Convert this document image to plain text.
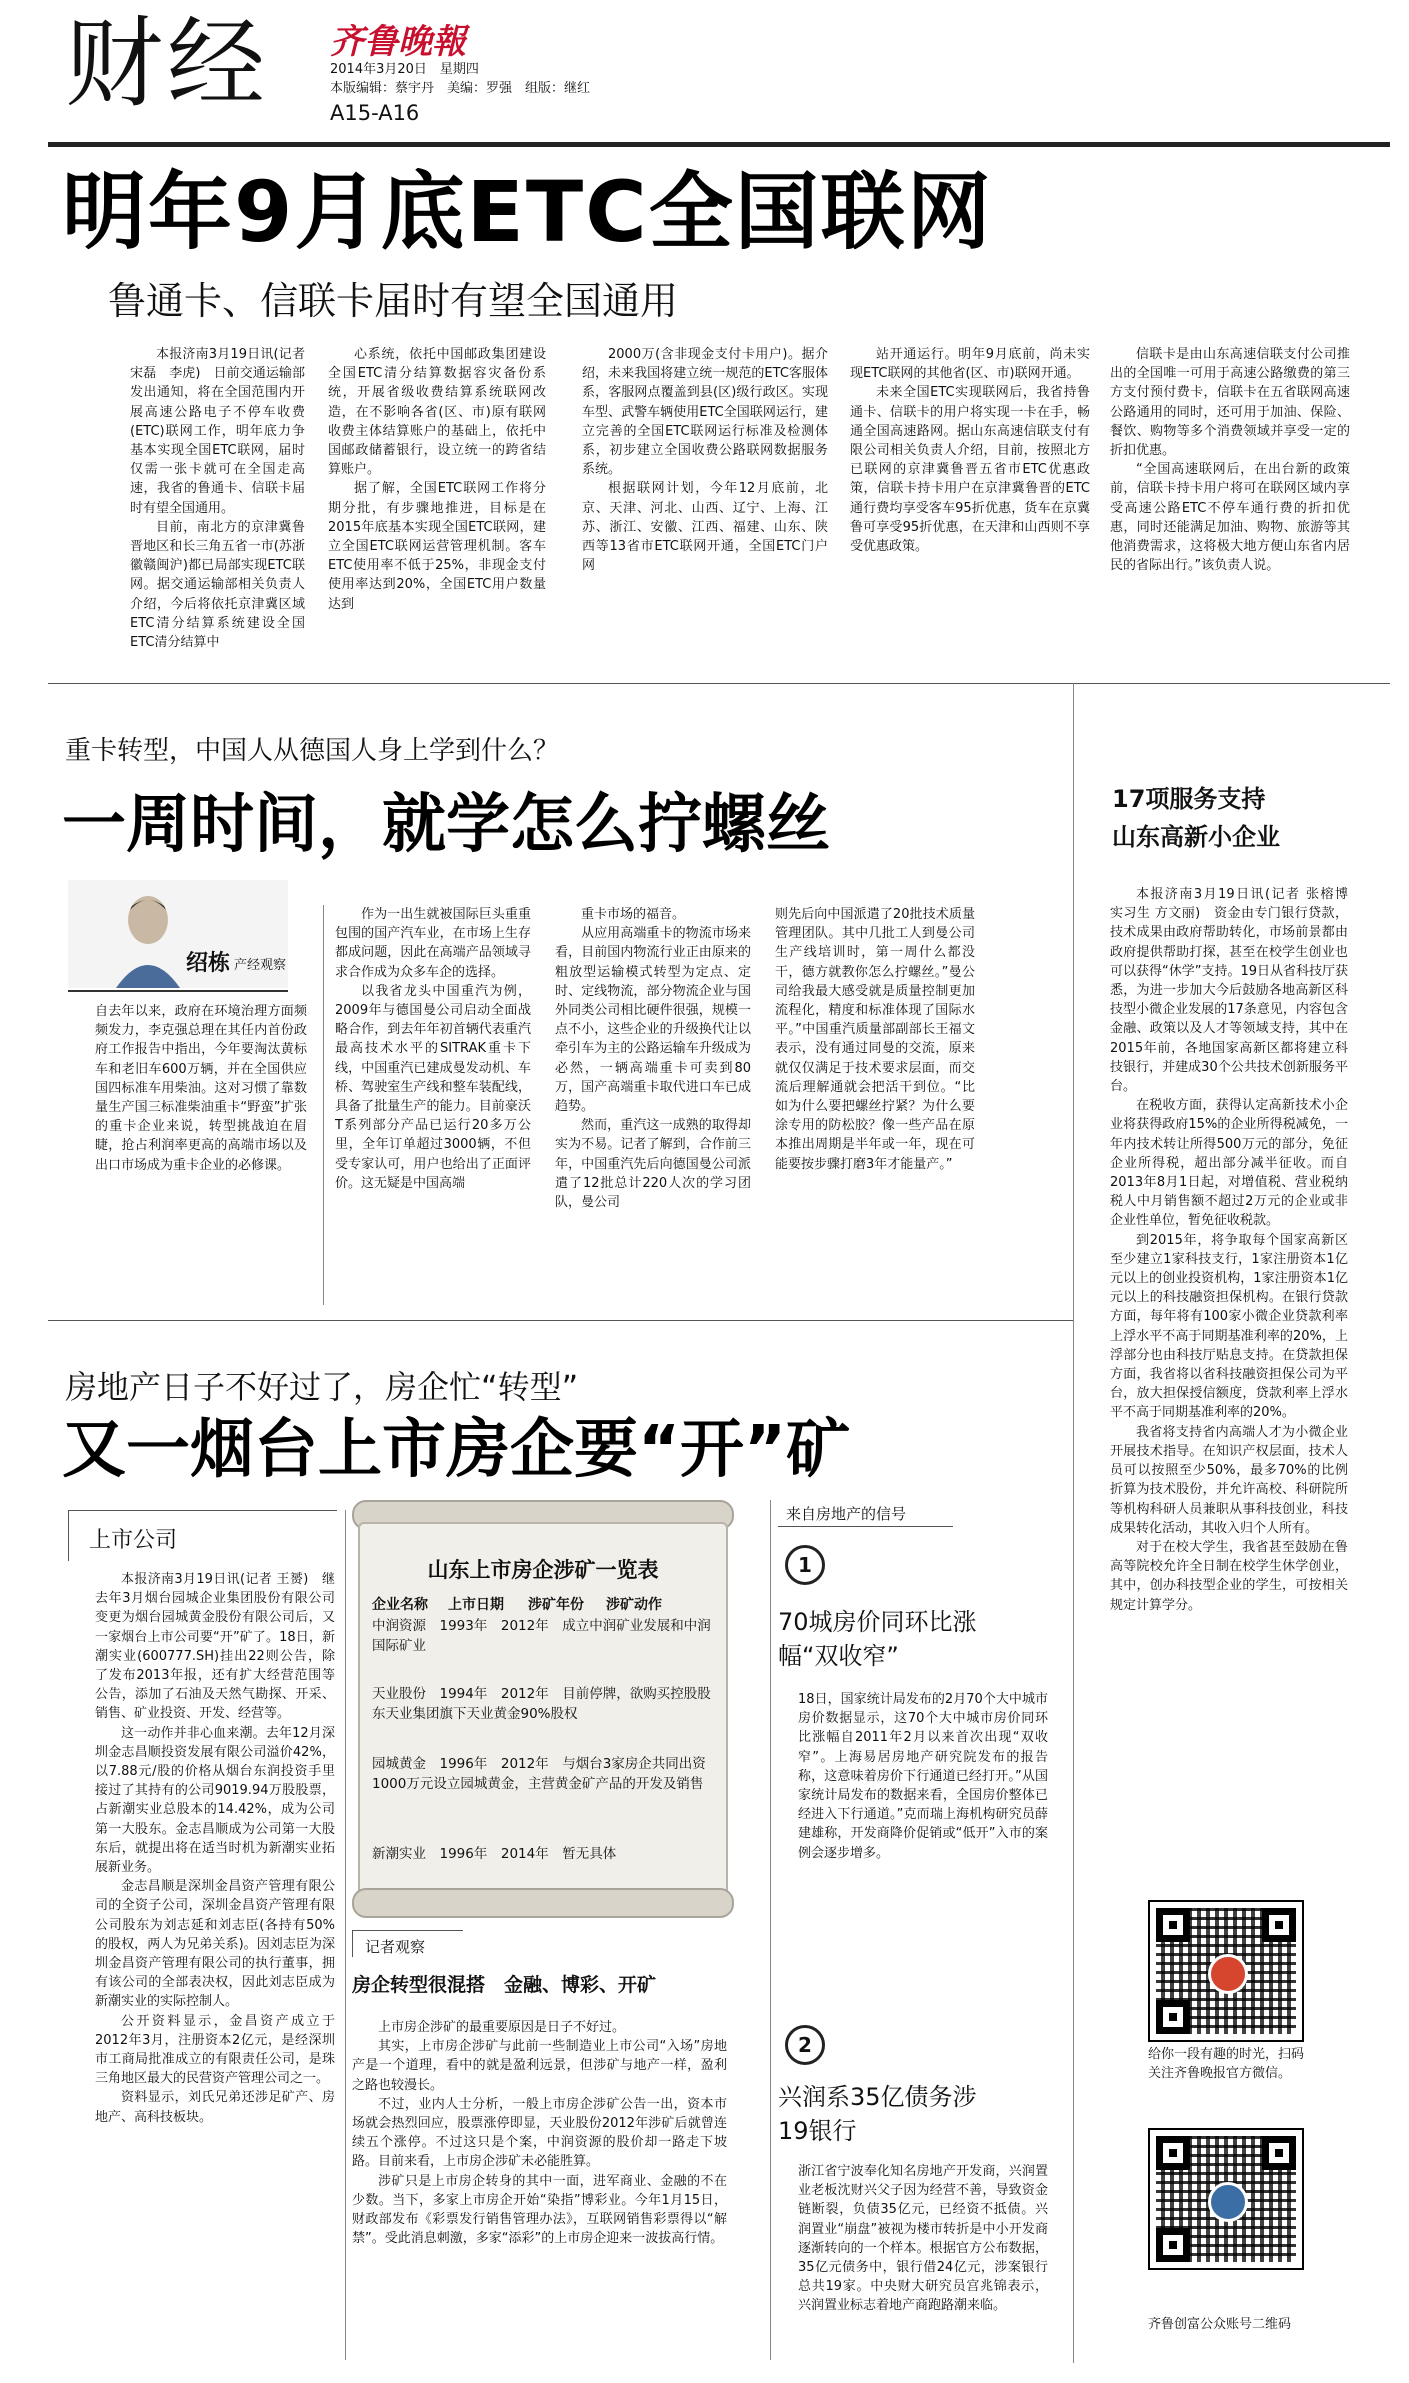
财经 齐鲁晚報
2014年3月20日　星期四
本版编辑：蔡宇丹　美编：罗强　组版：继红
A15-A16
明年9月底ETC全国联网
鲁通卡、信联卡届时有望全国通用
本报济南3月19日讯(记者 宋磊　李虎)　日前交通运输部发出通知，将在全国范围内开展高速公路电子不停车收费(ETC)联网工作，明年底力争基本实现全国ETC联网，届时仅需一张卡就可在全国走高速，我省的鲁通卡、信联卡届时有望全国通用。
目前，南北方的京津冀鲁晋地区和长三角五省一市(苏浙徽赣闽沪)都已局部实现ETC联网。据交通运输部相关负责人介绍，今后将依托京津冀区域ETC清分结算系统建设全国ETC清分结算中
心系统，依托中国邮政集团建设全国ETC清分结算数据容灾备份系统，开展省级收费结算系统联网改造，在不影响各省(区、市)原有联网收费主体结算账户的基础上，依托中国邮政储蓄银行，设立统一的跨省结算账户。
据了解，全国ETC联网工作将分期分批，有步骤地推进，目标是在2015年底基本实现全国ETC联网，建立全国ETC联网运营管理机制。客车ETC使用率不低于25%，非现金支付使用率达到20%，全国ETC用户数量达到
2000万(含非现金支付卡用户)。据介绍，未来我国将建立统一规范的ETC客服体系，客服网点覆盖到县(区)级行政区。实现车型、武警车辆使用ETC全国联网运行，建立完善的全国ETC联网运行标准及检测体系，初步建立全国收费公路联网数据服务系统。
根据联网计划，今年12月底前，北京、天津、河北、山西、辽宁、上海、江苏、浙江、安徽、江西、福建、山东、陕西等13省市ETC联网开通，全国ETC门户网
站开通运行。明年9月底前，尚未实现ETC联网的其他省(区、市)联网开通。
未来全国ETC实现联网后，我省持鲁通卡、信联卡的用户将实现一卡在手，畅通全国高速路网。据山东高速信联支付有限公司相关负责人介绍，目前，按照北方已联网的京津冀鲁晋五省市ETC优惠政策，信联卡持卡用户在京津冀鲁晋的ETC通行费均享受客车95折优惠，货车在京冀鲁可享受95折优惠，在天津和山西则不享受优惠政策。
信联卡是由山东高速信联支付公司推出的全国唯一可用于高速公路缴费的第三方支付预付费卡，信联卡在五省联网高速公路通用的同时，还可用于加油、保险、餐饮、购物等多个消费领域并享受一定的折扣优惠。
“全国高速联网后，在出台新的政策前，信联卡持卡用户将可在联网区域内享受高速公路ETC不停车通行费的折扣优惠，同时还能满足加油、购物、旅游等其他消费需求，这将极大地方便山东省内居民的省际出行。”该负责人说。
重卡转型，中国人从德国人身上学到什么？
一周时间，就学怎么拧螺丝
绍栋 产经观察
自去年以来，政府在环境治理方面频频发力，李克强总理在其任内首份政府工作报告中指出，今年要淘汰黄标车和老旧车600万辆，并在全国供应国四标准车用柴油。这对习惯了靠数量生产国三标准柴油重卡“野蛮”扩张的重卡企业来说，转型挑战迫在眉睫，抢占利润率更高的高端市场以及出口市场成为重卡企业的必修课。
作为一出生就被国际巨头重重包围的国产汽车业，在市场上生存都成问题，因此在高端产品领域寻求合作成为众多车企的选择。
以我省龙头中国重汽为例，2009年与德国曼公司启动全面战略合作，到去年年初首辆代表重汽最高技术水平的SITRAK重卡下线，中国重汽已建成曼发动机、车桥、驾驶室生产线和整车装配线，具备了批量生产的能力。目前豪沃T系列部分产品已运行20多万公里，全年订单超过3000辆，不但受专家认可，用户也给出了正面评价。这无疑是中国高端
重卡市场的福音。
从应用高端重卡的物流市场来看，目前国内物流行业正由原来的粗放型运输模式转型为定点、定时、定线物流，部分物流企业与国外同类公司相比硬件很强，规模一点不小，这些企业的升级换代让以牵引车为主的公路运输车升级成为必然，一辆高端重卡可卖到80万，国产高端重卡取代进口车已成趋势。
然而，重汽这一成熟的取得却实为不易。记者了解到，合作前三年，中国重汽先后向德国曼公司派遣了12批总计220人次的学习团队，曼公司
则先后向中国派遣了20批技术质量管理团队。其中几批工人到曼公司生产线培训时，第一周什么都没干，德方就教你怎么拧螺丝。”曼公司给我最大感受就是质量控制更加流程化，精度和标准体现了国际水平。”中国重汽质量部副部长王福文表示，没有通过同曼的交流，原来就仅仅满足于技术要求层面，而交流后理解通就会把活干到位。“比如为什么要把螺丝拧紧？为什么要涂专用的防松胶？像一些产品在原本推出周期是半年或一年，现在可能要按步骤打磨3年才能量产。”
房地产日子不好过了，房企忙“转型”
又一烟台上市房企要“开”矿
上市公司
本报济南3月19日讯(记者 王赟)　继去年3月烟台园城企业集团股份有限公司变更为烟台园城黄金股份有限公司后，又一家烟台上市公司要“开”矿了。18日，新潮实业(600777.SH)挂出22则公告，除了发布2013年报，还有扩大经营范围等公告，添加了石油及天然气勘探、开采、销售、矿业投资、开发、经营等。
这一动作并非心血来潮。去年12月深圳金志昌顺投资发展有限公司溢价42%，以7.88元/股的价格从烟台东润投资手里接过了其持有的公司9019.94万股股票，占新潮实业总股本的14.42%，成为公司第一大股东。金志昌顺成为公司第一大股东后，就提出将在适当时机为新潮实业拓展新业务。
金志昌顺是深圳金昌资产管理有限公司的全资子公司，深圳金昌资产管理有限公司股东为刘志延和刘志臣(各持有50%的股权，两人为兄弟关系)。因刘志臣为深圳金昌资产管理有限公司的执行董事，拥有该公司的全部表决权，因此刘志臣成为新潮实业的实际控制人。
公开资料显示，金昌资产成立于2012年3月，注册资本2亿元，是经深圳市工商局批准成立的有限责任公司，是珠三角地区最大的民营资产管理公司之一。
资料显示，刘氏兄弟还涉足矿产、房地产、高科技板块。
山东上市房企涉矿一览表
企业名称 上市日期 涉矿年份 涉矿动作
中润资源　 1993年　 2012年　 成立中润矿业发展和中润国际矿业
天业股份　 1994年　 2012年　 目前停牌，欲购买控股股东天业集团旗下天业黄金90%股权
园城黄金　 1996年　 2012年　 与烟台3家房企共同出资1000万元设立园城黄金，主营黄金矿产品的开发及销售
新潮实业　 1996年　 2014年　 暂无具体
记者观察
房企转型很混搭　金融、博彩、开矿
上市房企涉矿的最重要原因是日子不好过。
其实，上市房企涉矿与此前一些制造业上市公司“入场”房地产是一个道理，看中的就是盈利远景，但涉矿与地产一样，盈利之路也较漫长。
不过，业内人士分析，一般上市房企涉矿公告一出，资本市场就会热烈回应，股票涨停即显，天业股份2012年涉矿后就曾连续五个涨停。不过这只是个案，中润资源的股价却一路走下坡路。目前来看，上市房企涉矿未必能胜算。
涉矿只是上市房企转身的其中一面，进军商业、金融的不在少数。当下，多家上市房企开始“染指”博彩业。今年1月15日，财政部发布《彩票发行销售管理办法》，互联网销售彩票得以“解禁”。受此消息刺激，多家“添彩”的上市房企迎来一波拔高行情。
来自房地产的信号
1
70城房价同环比涨幅“双收窄”
18日，国家统计局发布的2月70个大中城市房价数据显示，这70个大中城市房价同环比涨幅自2011年2月以来首次出现“双收窄”。上海易居房地产研究院发布的报告称，这意味着房价下行通道已经打开。”从国家统计局发布的数据来看，全国房价整体已经进入下行通道。”克而瑞上海机构研究员薛建雄称，开发商降价促销或“低开”入市的案例会逐步增多。
2
兴润系35亿债务涉19银行
浙江省宁波奉化知名房地产开发商，兴润置业老板沈财兴父子因为经营不善，导致资金链断裂，负债35亿元，已经资不抵债。兴润置业“崩盘”被视为楼市转折是中小开发商逐渐转向的一个样本。根据官方公布数据，35亿元债务中，银行借24亿元，涉案银行总共19家。中央财大研究员宫兆锦表示，兴润置业标志着地产商跑路潮来临。
17项服务支持
山东高新小企业
本报济南3月19日讯(记者 张榕博　实习生 方文丽)　资金由专门银行贷款，技术成果由政府帮助转化，市场前景都由政府提供帮助打探，甚至在校学生创业也可以获得“休学”支持。19日从省科技厅获悉，为进一步加大今后鼓励各地高新区科技型小微企业发展的17条意见，内容包含金融、政策以及人才等领域支持，其中在2015年前，各地国家高新区都将建立科技银行，并建成30个公共技术创新服务平台。
在税收方面，获得认定高新技术小企业将获得政府15%的企业所得税减免，一年内技术转让所得500万元的部分，免征企业所得税，超出部分减半征收。而自2013年8月1日起，对增值税、营业税纳税人中月销售额不超过2万元的企业或非企业性单位，暂免征收税款。
到2015年，将争取每个国家高新区至少建立1家科技支行，1家注册资本1亿元以上的创业投资机构，1家注册资本1亿元以上的科技融资担保机构。在银行贷款方面，每年将有100家小微企业贷款利率上浮水平不高于同期基准利率的20%，上浮部分也由科技厅贴息支持。在贷款担保方面，我省将以省科技融资担保公司为平台，放大担保授信额度，贷款利率上浮水平不高于同期基准利率的20%。
我省将支持省内高端人才为小微企业开展技术指导。在知识产权层面，技术人员可以按照至少50%，最多70%的比例折算为技术股份，并允许高校、科研院所等机构科研人员兼职从事科技创业，科技成果转化活动，其收入归个人所有。
对于在校大学生，我省甚至鼓励在鲁高等院校允许全日制在校学生休学创业，其中，创办科技型企业的学生，可按相关规定计算学分。
给你一段有趣的时光，扫码关注齐鲁晚报官方微信。
齐鲁创富公众账号二维码
